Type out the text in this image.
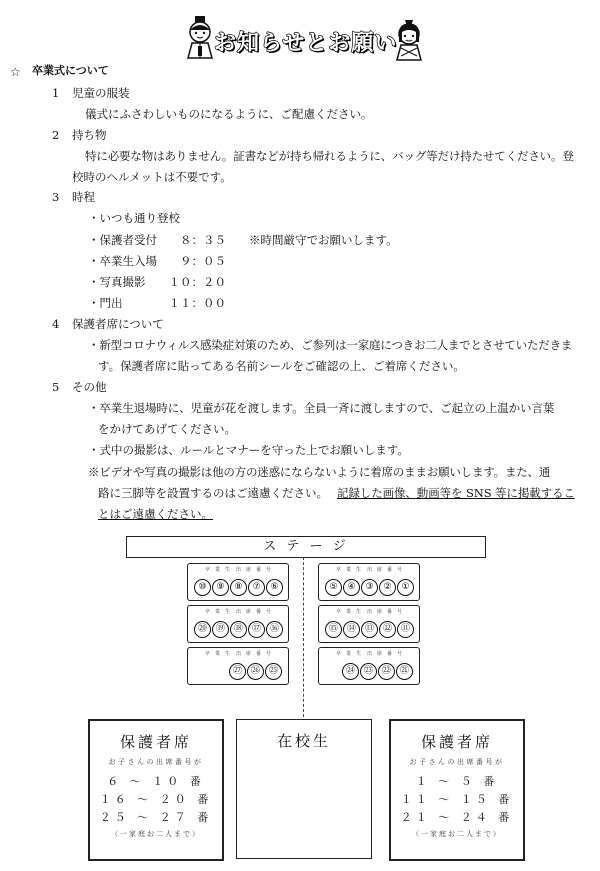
お知らせとお願い
☆ 卒業式について
1 児童の服装
儀式にふさわしいものになるように、ご配慮ください。
2 持ち物
特に必要な物はありません。証書などが持ち帰れるように、バッグ等だけ持たせてください。登
校時のヘルメットは不要です。
3 時程
・いつも通り登校
・保護者受付　　８：３５　　※時間厳守でお願いします。
・卒業生入場　　９：０５
・写真撮影　　１０：２０
・門出　　　　１１：００
4 保護者席について
・新型コロナウィルス感染症対策のため、ご参列は一家庭につきお二人までとさせていただきま
す。保護者席に貼ってある名前シールをご確認の上、ご着席ください。
5 その他
・卒業生退場時に、児童が花を渡します。全員一斉に渡しますので、ご起立の上温かい言葉
をかけてあげてください。
・式中の撮影は、ルールとマナーを守った上でお願いします。
※ビデオや写真の撮影は他の方の迷惑にならないように着席のままお願いします。また、通
路に三脚等を設置するのはご遠慮ください。 記録した画像、動画等を SNS 等に掲載するこ
とはご遠慮ください。
ス テ ー ジ
卒　業　生 出　席　番　号
⑩	⑨	⑧	⑦	⑥
卒　業　生 出　席　番　号
⑳ ⑲ ⑱ ⑰ ⑯
卒　業　生 出　席　番　号
㉗ ㉖ ㉕
卒　業　生 出　席　番　号
⑤	④	③	②	①
卒　業　生 出　席　番　号
⑮ ⑭ ⑬ ⑫ ⑪
卒　業　生 出　席　番　号
㉔ ㉓ ㉒ ㉑
保護者席
お子さんの出席番号が
６ ～ １０ 番
１６ ～ ２０ 番
２５ ～ ２７ 番
（一家庭お二人まで）
在校生	保護者席
お子さんの出席番号が
１ ～ ５ 番
１１ ～ １５ 番
２１ ～ ２４ 番
（一家庭お二人まで）
